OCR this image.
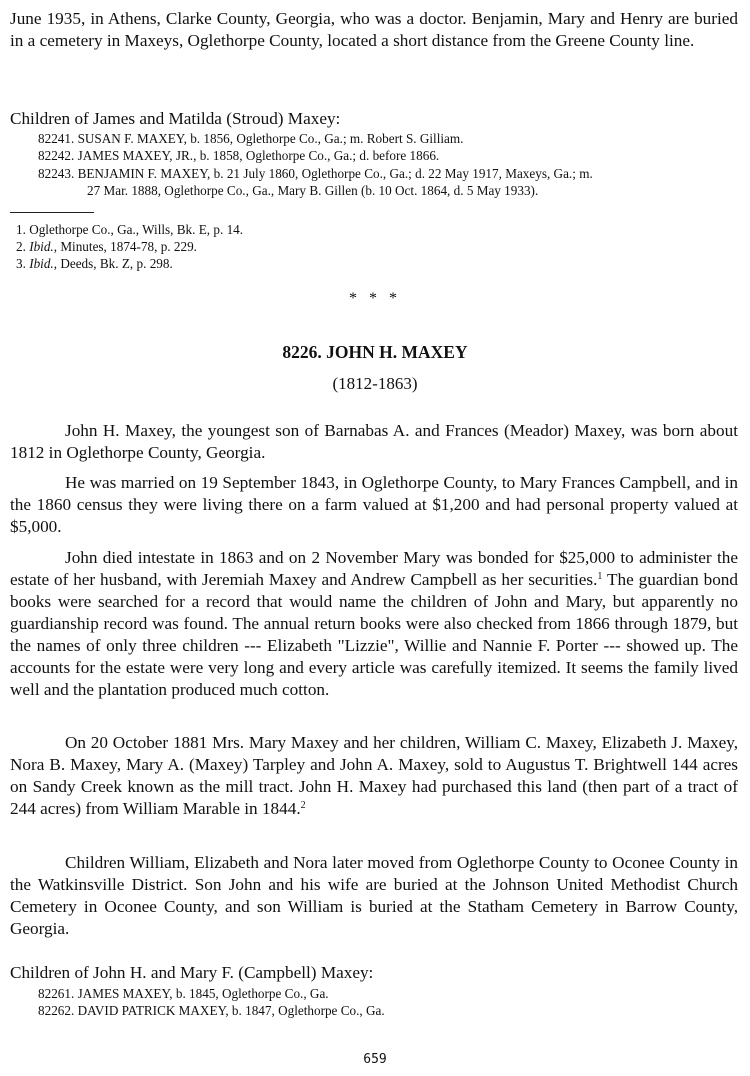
June 1935, in Athens, Clarke County, Georgia, who was a doctor. Benjamin, Mary and Henry are buried in a cemetery in Maxeys, Oglethorpe County, located a short distance from the Greene County line.

Children of James and Matilda (Stroud) Maxey:

82241. SUSAN F. MAXEY, b. 1856, Oglethorpe Co., Ga.; m. Robert S. Gilliam.
82242. JAMES MAXEY, JR., b. 1858, Oglethorpe Co., Ga.; d. before 1866.
82243. BENJAMIN F. MAXEY, b. 21 July 1860, Oglethorpe Co., Ga.; d. 22 May 1917, Maxeys, Ga.; m.
27 Mar. 1888, Oglethorpe Co., Ga., Mary B. Gillen (b. 10 Oct. 1864, d. 5 May 1933).
1. Oglethorpe Co., Ga., Wills, Bk. E, p. 14.
2. Ibid., Minutes, 1874-78, p. 229.
3. Ibid., Deeds, Bk. Z, p. 298.
* * *
8226. JOHN H. MAXEY
(1812-1863)

John H. Maxey, the youngest son of Barnabas A. and Frances (Meador) Maxey, was born about 1812 in Oglethorpe County, Georgia.

He was married on 19 September 1843, in Oglethorpe County, to Mary Frances Campbell, and in the 1860 census they were living there on a farm valued at $1,200 and had personal property valued at $5,000.

John died intestate in 1863 and on 2 November Mary was bonded for $25,000 to administer the estate of her husband, with Jeremiah Maxey and Andrew Campbell as her securities.$^1$ The guardian bond books were searched for a record that would name the children of John and Mary, but apparently no guardianship record was found. The annual return books were also checked from 1866 through 1879, but the names of only three children --- Elizabeth "Lizzie", Willie and Nannie F. Porter --- showed up. The accounts for the estate were very long and every article was carefully itemized. It seems the family lived well and the plantation produced much cotton.

On 20 October 1881 Mrs. Mary Maxey and her children, William C. Maxey, Elizabeth J. Maxey, Nora B. Maxey, Mary A. (Maxey) Tarpley and John A. Maxey, sold to Augustus T. Brightwell 144 acres on Sandy Creek known as the mill tract. John H. Maxey had purchased this land (then part of a tract of 244 acres) from William Marable in 1844.$^2$

Children William, Elizabeth and Nora later moved from Oglethorpe County to Oconee County in the Watkinsville District. Son John and his wife are buried at the Johnson United Methodist Church Cemetery in Oconee County, and son William is buried at the Statham Cemetery in Barrow County, Georgia.

Children of John H. and Mary F. (Campbell) Maxey:

82261. JAMES MAXEY, b. 1845, Oglethorpe Co., Ga.
82262. DAVID PATRICK MAXEY, b. 1847, Oglethorpe Co., Ga.
659
